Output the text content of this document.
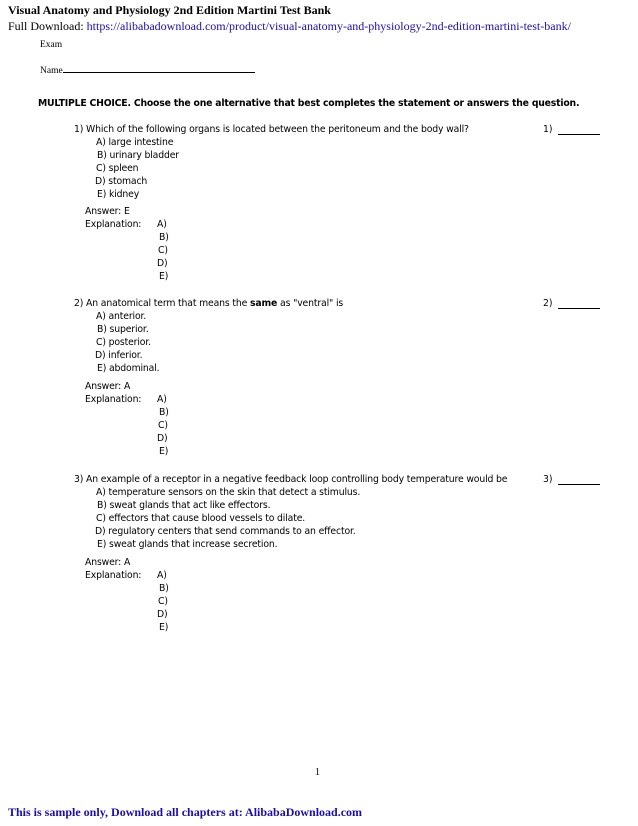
Visual Anatomy and Physiology 2nd Edition Martini Test Bank
Full Download: https://alibabadownload.com/product/visual-anatomy-and-physiology-2nd-edition-martini-test-bank/
Exam
Name
MULTIPLE CHOICE. Choose the one alternative that best completes the statement or answers the question.
1) Which of the following organs is located between the peritoneum and the body wall?	1)
A) large intestine
B) urinary bladder
C) spleen
D) stomach
E) kidney
Answer: E
Explanation: A)
B)
C)
D)
E)
2) An anatomical term that means the same as "ventral" is	2)
A) anterior.
B) superior.
C) posterior.
D) inferior.
E) abdominal.
Answer: A
Explanation: A)
B)
C)
D)
E)
3) An example of a receptor in a negative feedback loop controlling body temperature would be	3)
A) temperature sensors on the skin that detect a stimulus.
B) sweat glands that act like effectors.
C) effectors that cause blood vessels to dilate.
D) regulatory centers that send commands to an effector.
E) sweat glands that increase secretion.
Answer: A
Explanation: A)
B)
C)
D)
E)
1
This is sample only, Download all chapters at: AlibabaDownload.com
